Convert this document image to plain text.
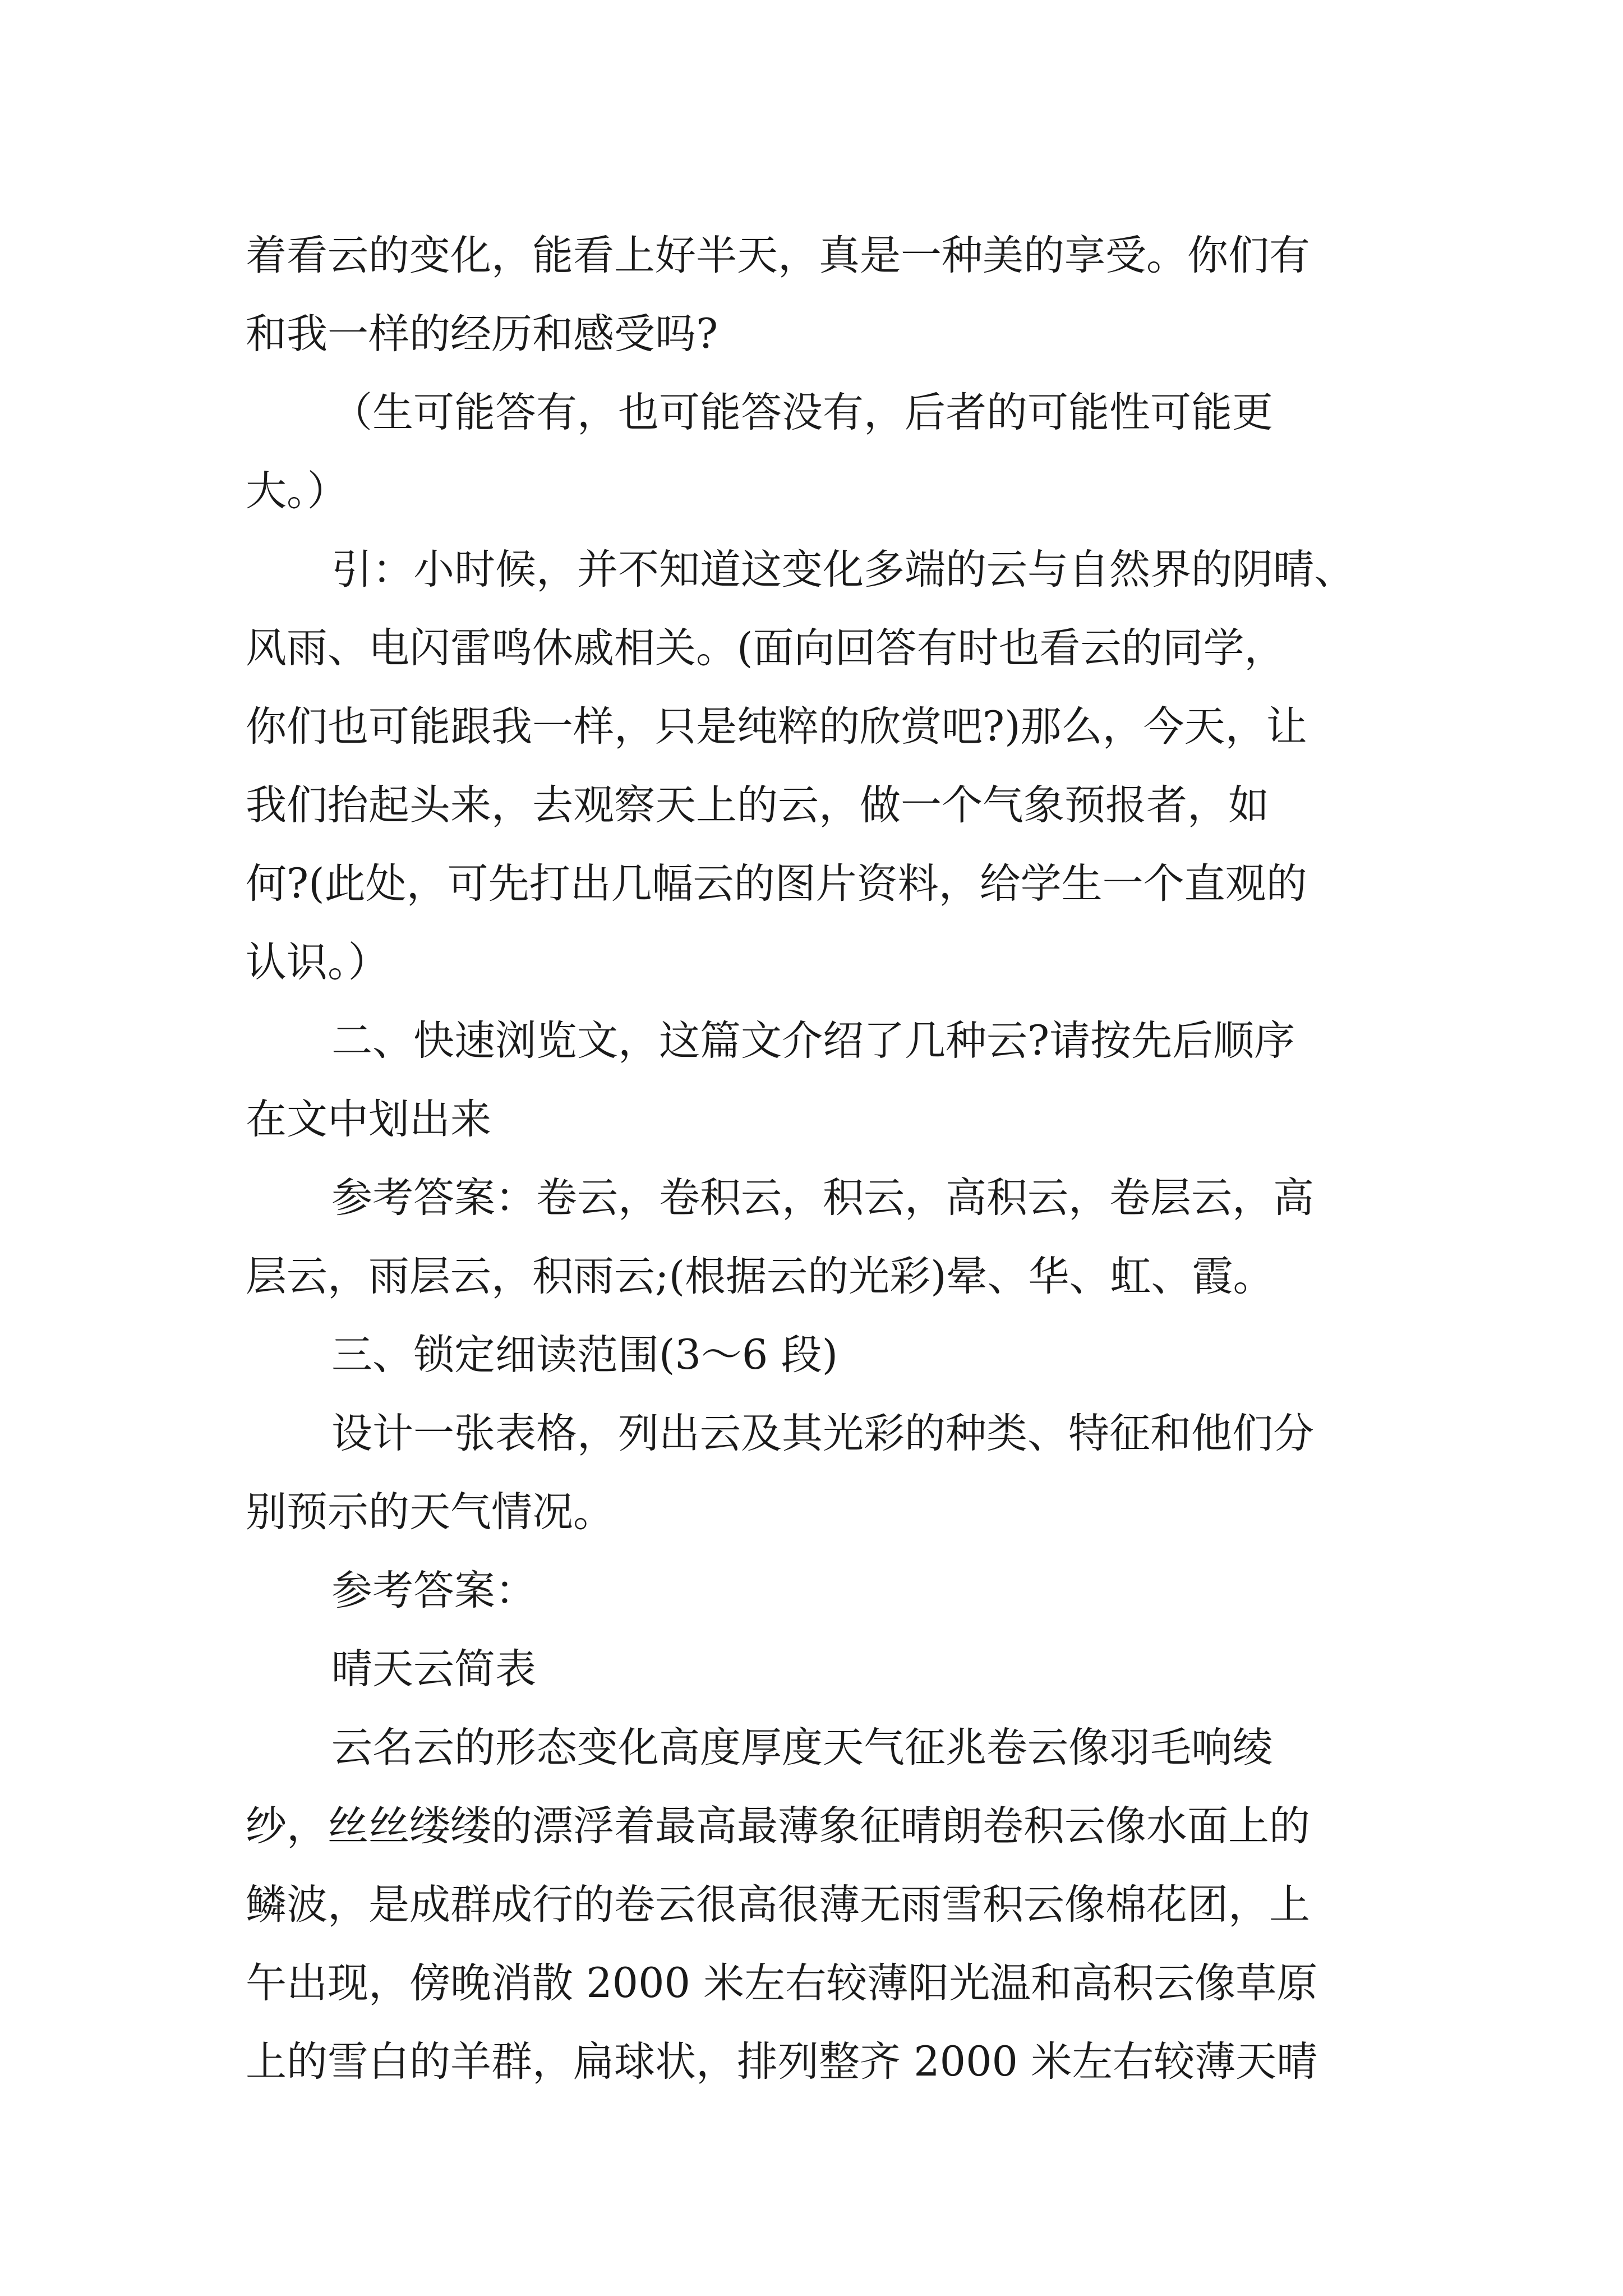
着看云的变化，能看上好半天，真是一种美的享受。你们有
和我一样的经历和感受吗?
（生可能答有，也可能答没有，后者的可能性可能更
大。）
引：小时候，并不知道这变化多端的云与自然界的阴晴、
风雨、电闪雷鸣休戚相关。(面向回答有时也看云的同学，
你们也可能跟我一样，只是纯粹的欣赏吧?)那么，今天，让
我们抬起头来，去观察天上的云，做一个气象预报者，如
何?(此处，可先打出几幅云的图片资料，给学生一个直观的
认识。）
二、快速浏览文，这篇文介绍了几种云?请按先后顺序
在文中划出来
参考答案：卷云，卷积云，积云，高积云，卷层云，高
层云，雨层云，积雨云;(根据云的光彩)晕、华、虹、霞。
三、锁定细读范围(3～6 段)
设计一张表格，列出云及其光彩的种类、特征和他们分
别预示的天气情况。
参考答案：
晴天云简表
云名云的形态变化高度厚度天气征兆卷云像羽毛响绫
纱，丝丝缕缕的漂浮着最高最薄象征晴朗卷积云像水面上的
鳞波，是成群成行的卷云很高很薄无雨雪积云像棉花团，上
午出现，傍晚消散 2000 米左右较薄阳光温和高积云像草原
上的雪白的羊群，扁球状，排列整齐 2000 米左右较薄天晴
